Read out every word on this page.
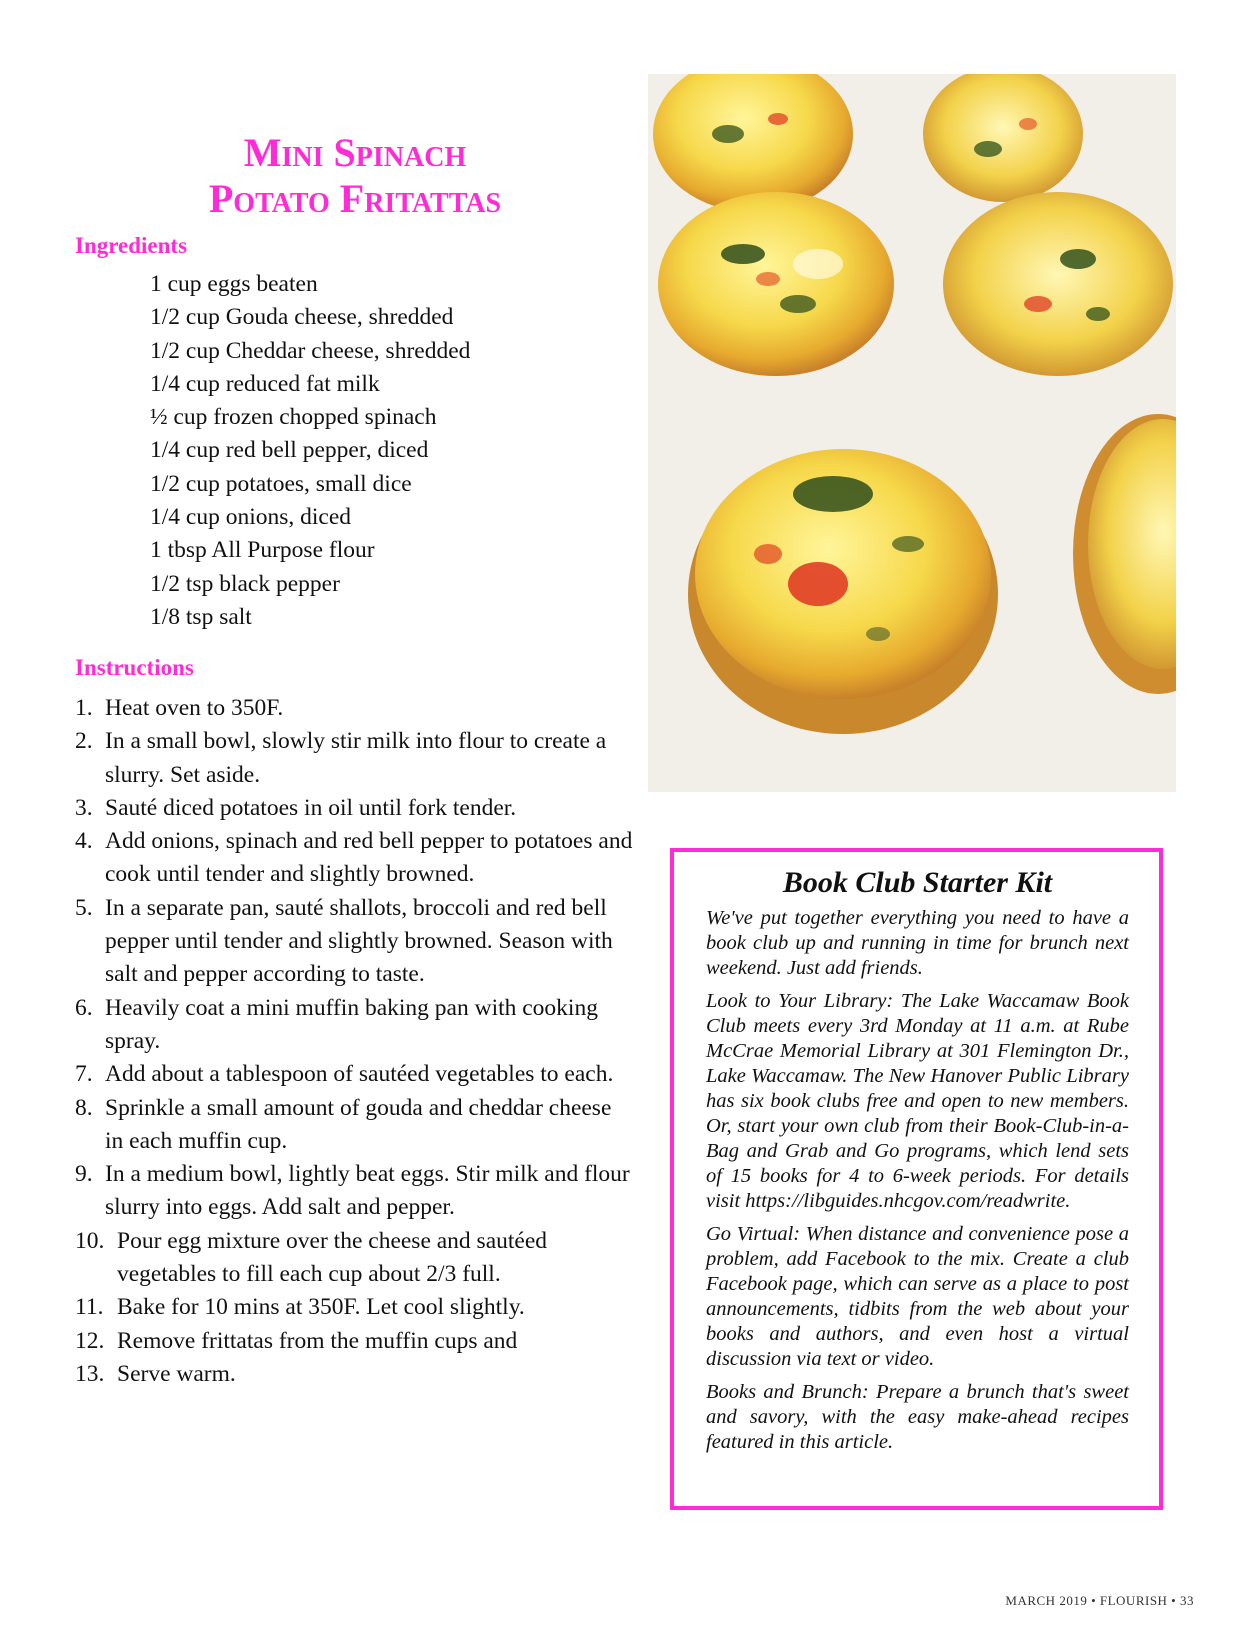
Mini Spinach
Potato Fritattas
Ingredients
1 cup eggs beaten
1/2 cup Gouda cheese, shredded
1/2 cup Cheddar cheese, shredded
1/4 cup reduced fat milk
½ cup frozen chopped spinach
1/4 cup red bell pepper, diced
1/2 cup potatoes, small dice
1/4 cup onions, diced
1 tbsp All Purpose flour
1/2 tsp black pepper
1/8 tsp salt
Instructions
1. Heat oven to 350F.
2. In a small bowl, slowly stir milk into flour to create a slurry. Set aside.
3. Sauté diced potatoes in oil until fork tender.
4. Add onions, spinach and red bell pepper to potatoes and cook until tender and slightly browned.
5. In a separate pan, sauté shallots, broccoli and red bell pepper until tender and slightly browned. Season with salt and pepper according to taste.
6. Heavily coat a mini muffin baking pan with cooking spray.
7. Add about a tablespoon of sautéed vegetables to each.
8. Sprinkle a small amount of gouda and cheddar cheese in each muffin cup.
9. In a medium bowl, lightly beat eggs. Stir milk and flour slurry into eggs. Add salt and pepper.
10. Pour egg mixture over the cheese and sautéed vegetables to fill each cup about 2/3 full.
11. Bake for 10 mins at 350F. Let cool slightly.
12. Remove frittatas from the muffin cups and
13. Serve warm.
Book Club Starter Kit

We've put together everything you need to have a book club up and running in time for brunch next weekend. Just add friends.

Look to Your Library: The Lake Waccamaw Book Club meets every 3rd Monday at 11 a.m. at Rube McCrae Memorial Library at 301 Flemington Dr., Lake Waccamaw. The New Hanover Public Library has six book clubs free and open to new members. Or, start your own club from their Book-Club-in-a-Bag and Grab and Go programs, which lend sets of 15 books for 4 to 6-week periods. For details visit https://libguides.nhcgov.com/readwrite.

Go Virtual: When distance and convenience pose a problem, add Facebook to the mix. Create a club Facebook page, which can serve as a place to post announcements, tidbits from the web about your books and authors, and even host a virtual discussion via text or video.

Books and Brunch: Prepare a brunch that's sweet and savory, with the easy make-ahead recipes featured in this article.

MARCH 2019 • FLOURISH • 33
